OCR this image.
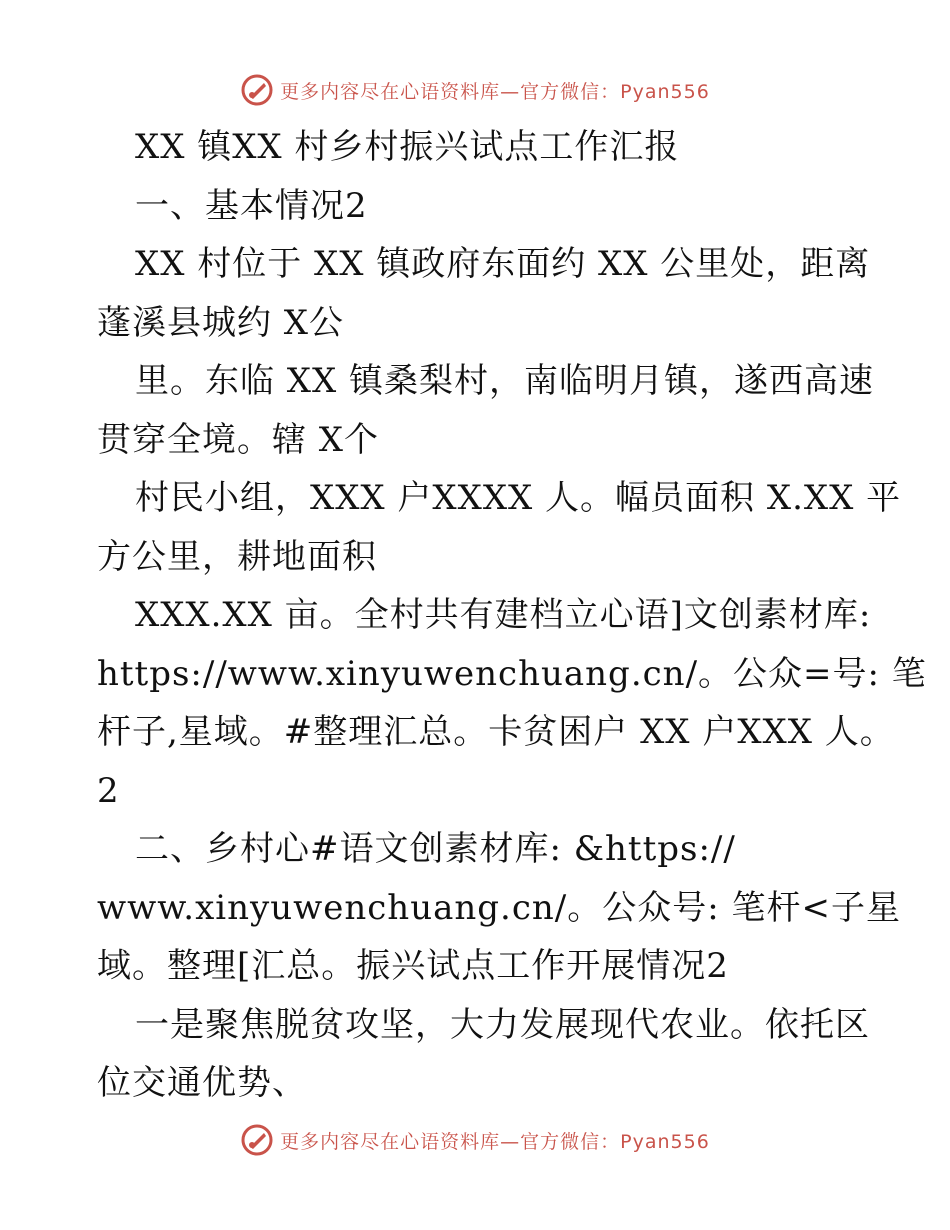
更多内容尽在心语资料库—官方微信：Pyan556
XX 镇XX 村乡村振兴试点工作汇报
一、基本情况2
XX 村位于 XX 镇政府东面约 XX 公里处，距离
蓬溪县城约 X公
里。东临 XX 镇桑梨村，南临明月镇，遂西高速
贯穿全境。辖 X个
村民小组，XXX 户XXXX 人。幅员面积 X.XX 平
方公里，耕地面积
XXX.XX 亩。全村共有建档立心语]文创素材库:
https://www.xinyuwenchuang.cn/。公众=号: 笔
杆子,星域。#整理汇总。卡贫困户 XX 户XXX 人。
2
二、乡村心#语文创素材库: &https://
www.xinyuwenchuang.cn/。公众号: 笔杆<子星
域。整理[汇总。振兴试点工作开展情况2
一是聚焦脱贫攻坚，大力发展现代农业。依托区
位交通优势、
更多内容尽在心语资料库—官方微信：Pyan556
